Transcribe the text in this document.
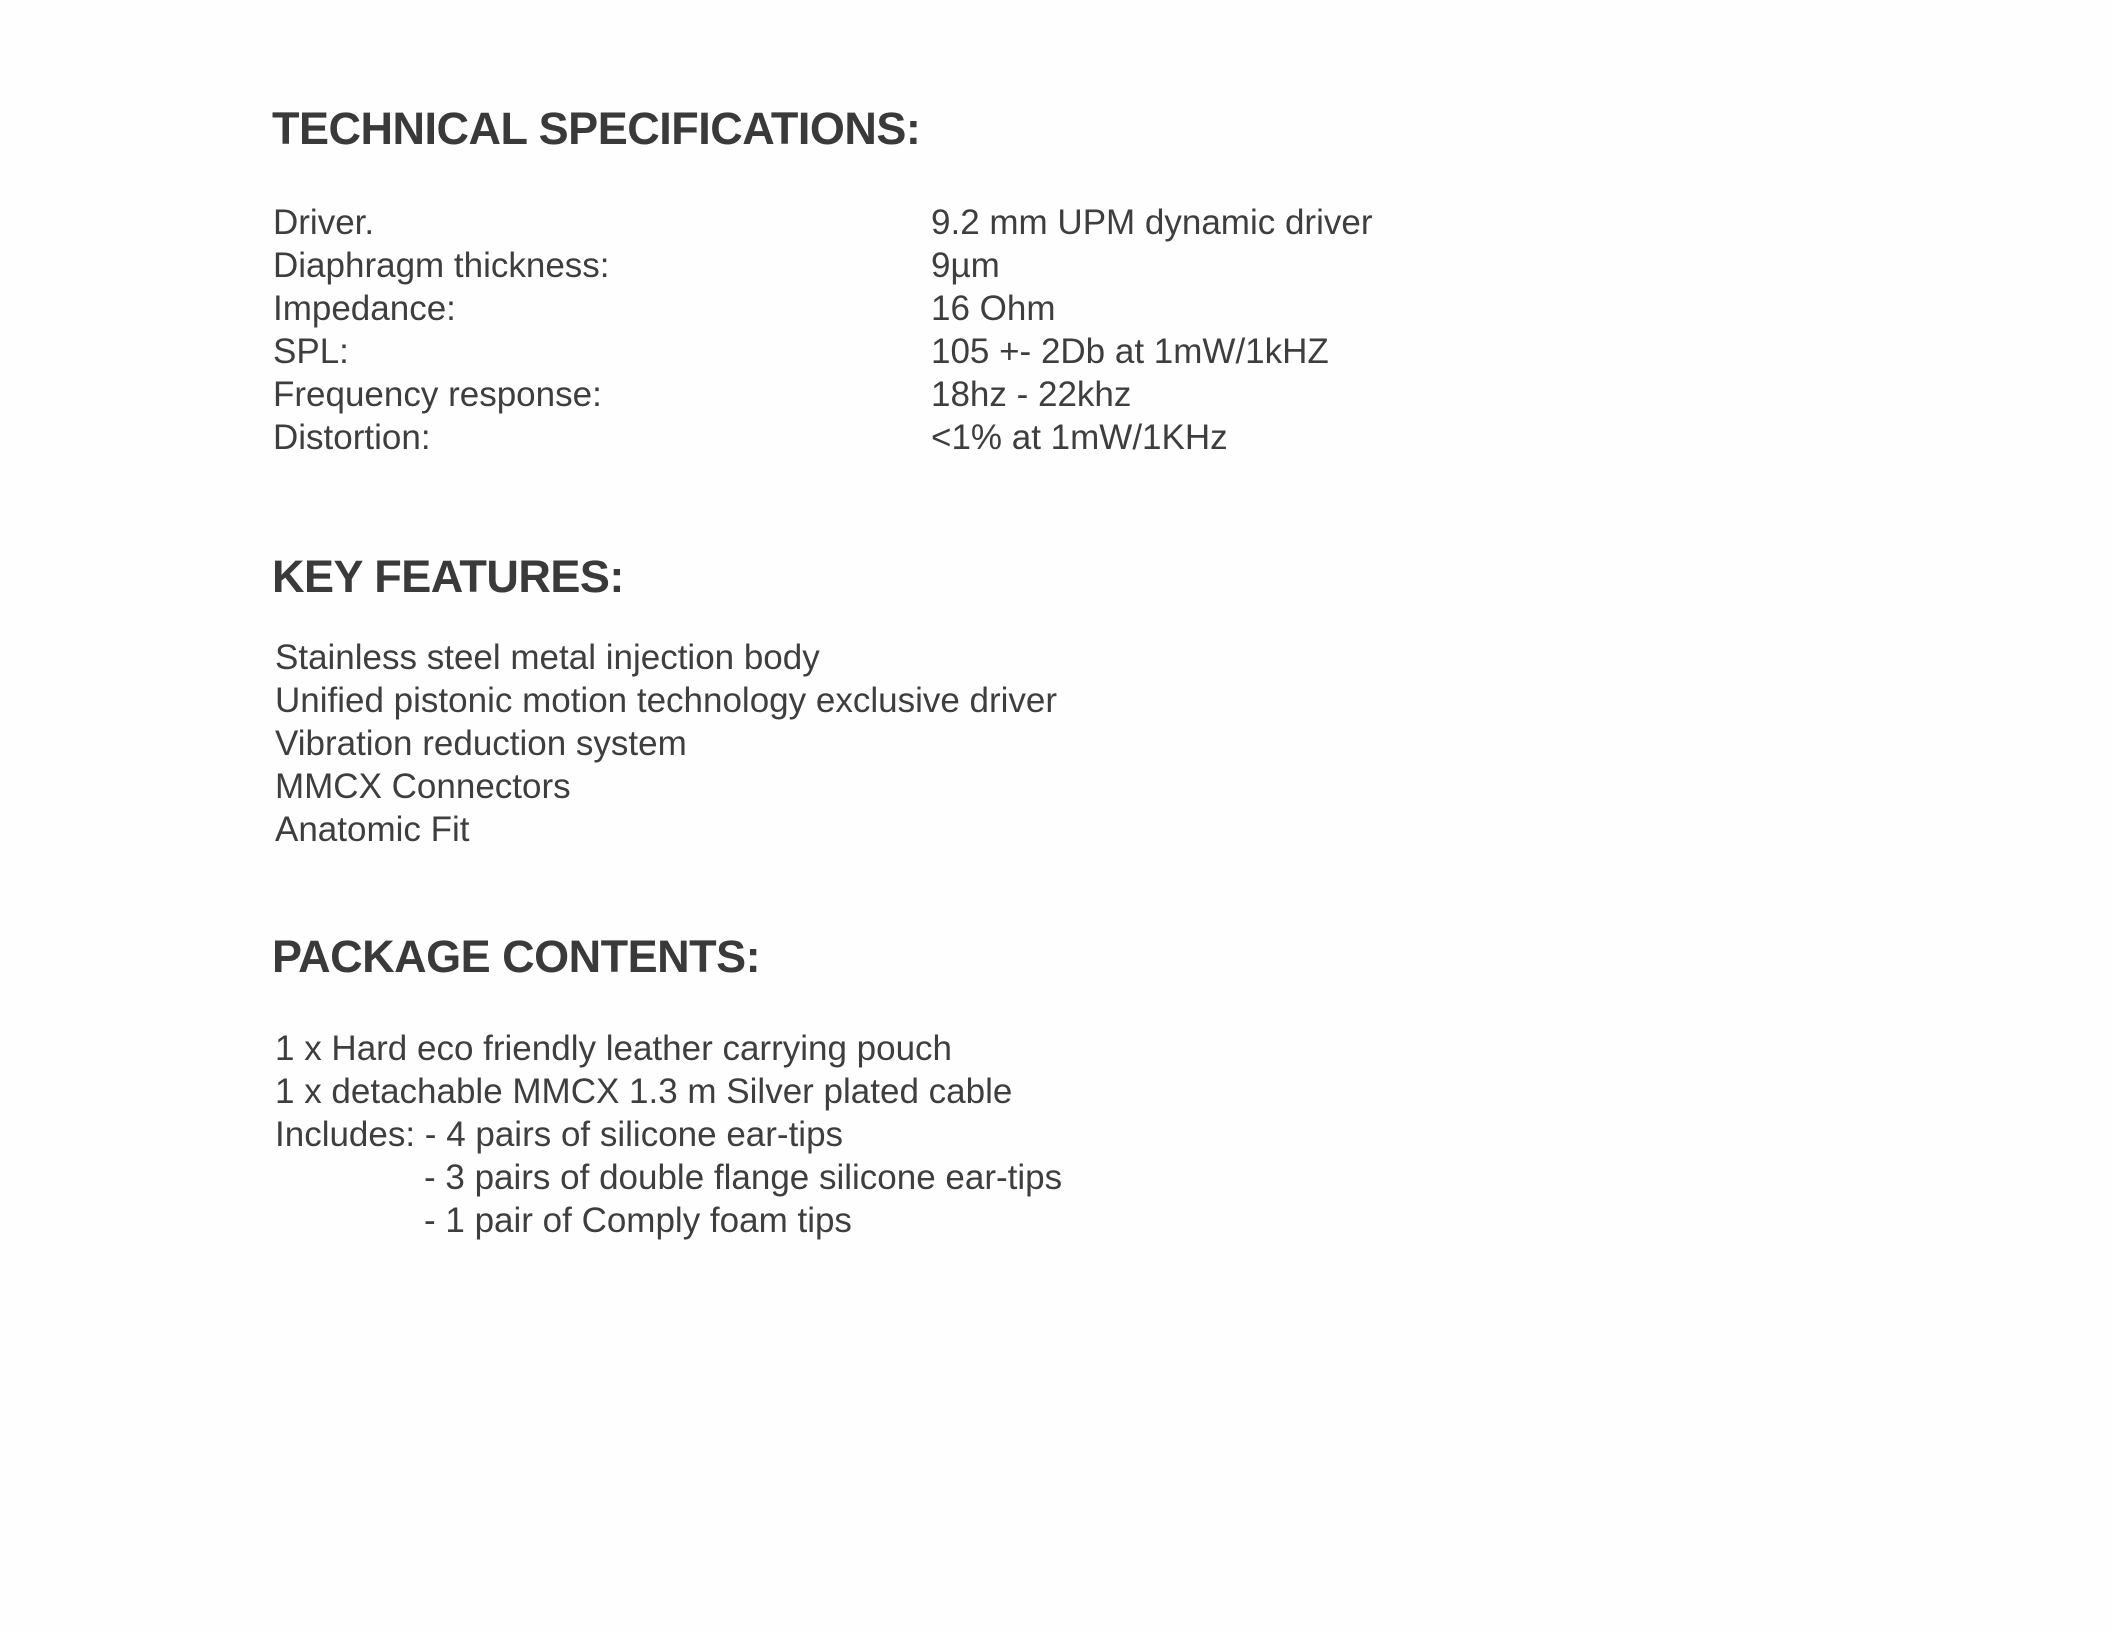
TECHNICAL SPECIFICATIONS:

Driver.	9.2 mm UPM dynamic driver

Diaphragm thickness:	9µm

Impedance:	16 Ohm

SPL:	105 +- 2Db at 1mW/1kHZ

Frequency response:	18hz - 22khz

Distortion:	<1% at 1mW/1KHz

KEY FEATURES:

Stainless steel metal injection body

Unified pistonic motion technology exclusive driver

Vibration reduction system

MMCX Connectors

Anatomic Fit

PACKAGE CONTENTS:

1 x Hard eco friendly leather carrying pouch

1 x detachable MMCX 1.3 m Silver plated cable

Includes: - 4 pairs of silicone ear-tips

- 3 pairs of double flange silicone ear-tips

- 1 pair of Comply foam tips
